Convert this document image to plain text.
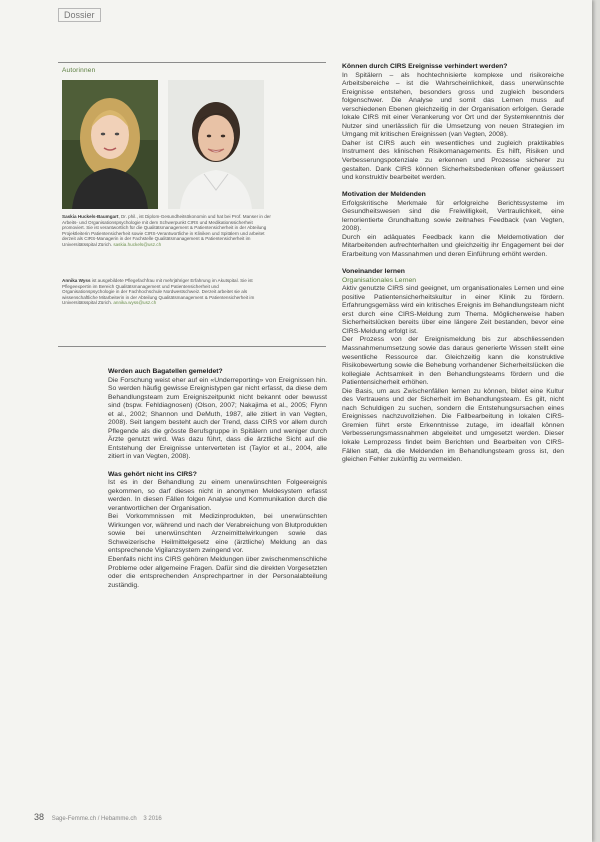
Dossier
Autorinnen
Saskia Huckels-Baumgart, Dr. phil., ist Diplom-Gesundheitsökonomin und hat bei Prof. Manser in der Arbeits- und Organisationspsychologie mit dem Schwerpunkt CIRS und Medikationssicherheit promoviert. Sie ist verantwortlich für die Qualitätsmanagement & Patientensicherheit in der Abteilung Projektleiterin Patientensicherheit sowie CIRS-Verantwortliche in Kliniken und Spitälern und arbeitet derzeit als CIRS-Managerin in der Fachstelle Qualitätsmanagement & Patientensicherheit im Universitätsspital Zürich. saskia.huckels@usz.ch
Annika Wyss ist ausgebildete Pflegefachfrau mit mehrjähriger Erfahrung im Akutspital. Sie ist Pflegeexpertin im Bereich Qualitätsmanagement und Patientensicherheit und Organisationspsychologie in der Fachhochschule Nordwestschweiz. Derzeit arbeitet sie als wissenschaftliche Mitarbeiterin in der Abteilung Qualitätsmanagement & Patientensicherheit im Universitätsspital Zürich. annika.wyss@usz.ch
Werden auch Bagatellen gemeldet?

Die Forschung weist eher auf ein «Underreporting» von Ereignissen hin. So werden häufig gewisse Ereignistypen gar nicht erfasst, da diese dem Behandlungsteam zum Ereigniszeitpunkt nicht bekannt oder bewusst sind (bspw. Fehldiagnosen) (Olson, 2007; Nakajima et al., 2005; Flynn et al., 2002; Shannon und DeMuth, 1987, alle zitiert in van Vegten, 2008). Seit langem besteht auch der Trend, dass CIRS vor allem durch Pflegende als die grösste Berufsgruppe in Spitälern und weniger durch Ärzte genutzt wird. Was dazu führt, dass die ärztliche Sicht auf die Entstehung der Ereignisse unterverteten ist (Taylor et al., 2004, alle zitiert in van Vegten, 2008).

Was gehört nicht ins CIRS?

Ist es in der Behandlung zu einem unerwünschten Folgeereignis gekommen, so darf dieses nicht in anonymen Meldesystem erfasst werden. In diesen Fällen folgen Analyse und Kommunikation durch die verantwortlichen der Organisation.

Bei Vorkommnissen mit Medizinprodukten, bei unerwünschten Wirkungen vor, während und nach der Verabreichung von Blutprodukten sowie bei unerwünschten Arzneimittelwirkungen sowie das Schweizerische Heilmittelgesetz eine (ärztliche) Meldung an das entsprechende Vigilanzsystem zwingend vor.

Ebenfalls nicht ins CIRS gehören Meldungen über zwischenmenschliche Probleme oder allgemeine Fragen. Dafür sind die direkten Vorgesetzten oder die entsprechenden Ansprechpartner in der Personalabteilung zuständig.

Können durch CIRS Ereignisse verhindert werden?

In Spitälern – als hochtechnisierte komplexe und risikoreiche Arbeitsbereiche – ist die Wahrscheinlichkeit, dass unerwünschte Ereignisse entstehen, besonders gross und zugleich besonders folgenschwer. Die Analyse und somit das Lernen muss auf verschiedenen Ebenen gleichzeitig in der Organisation erfolgen. Gerade lokale CIRS mit einer Verankerung vor Ort und der Systemkenntnis der Nutzer sind unerlässlich für die Umsetzung von neuen Strategien im Umgang mit kritischen Ereignissen (van Vegten, 2008).

Daher ist CIRS auch ein wesentliches und zugleich praktikables Instrument des klinischen Risikomanagements. Es hilft, Risiken und Verbesserungspotenziale zu erkennen und Prozesse sicherer zu gestalten. Dank CIRS können Sicherheitsbedenken offener geäussert und konstruktiv bearbeitet werden.

Motivation der Meldenden

Erfolgskritische Merkmale für erfolgreiche Berichtssysteme im Gesundheitswesen sind die Freiwilligkeit, Vertraulichkeit, eine lernorientierte Grundhaltung sowie zeitnahes Feedback (van Vegten, 2008).

Durch ein adäquates Feedback kann die Meldemotivation der Mitarbeitenden aufrechterhalten und gleichzeitig ihr Engagement bei der Erarbeitung von Massnahmen und deren Einführung erhöht werden.

Voneinander lernen

Organisationales Lernen

Aktiv genutzte CIRS sind geeignet, um organisationales Lernen und eine positive Patientensicherheitskultur in einer Klinik zu fördern. Erfahrungsgemäss wird ein kritisches Ereignis im Behandlungsteam nicht erst durch eine CIRS-Meldung zum Thema. Möglicherweise haben Sicherheitslücken bereits über eine längere Zeit bestanden, bevor eine CIRS-Meldung erfolgt ist.

Der Prozess von der Ereignismeldung bis zur abschliessenden Massnahmenumsetzung sowie das daraus generierte Wissen stellt eine wesentliche Ressource dar. Gleichzeitig kann die konstruktive Risikobewertung sowie die Behebung vorhandener Sicherheitslücken die kollegiale Achtsamkeit in den Behandlungsteams fördern und die Patientensicherheit erhöhen.

Die Basis, um aus Zwischenfällen lernen zu können, bildet eine Kultur des Vertrauens und der Sicherheit im Behandlungsteam. Es gilt, nicht nach Schuldigen zu suchen, sondern die Entstehungsursachen eines Ereignisses nachzuvollziehen. Die Fallbearbeitung in lokalen CIRS-Gremien führt erste Erkenntnisse zutage, im idealfall können Verbesserungsmassnahmen abgeleitet und umgesetzt werden. Dieser lokale Lernprozess findet beim Berichten und Bearbeiten von CIRS-Fällen statt, da die Meldenden im Behandlungsteam gross ist, den gleichen Fehler zukünftig zu vermeiden.

38 Sage-Femme.ch / Hebamme.ch 3 2016
